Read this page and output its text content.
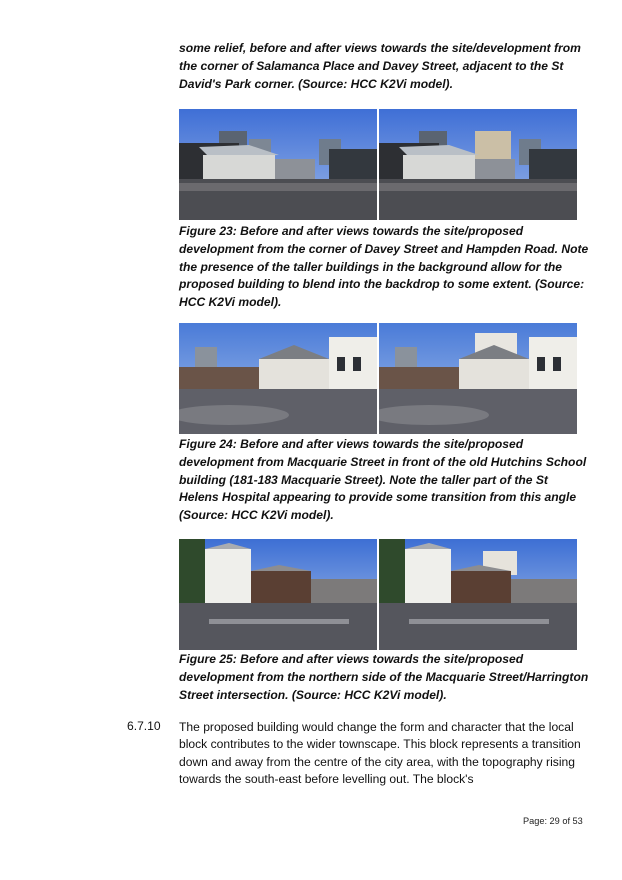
some relief, before and after views towards the site/development from the corner of Salamanca Place and Davey Street, adjacent to the St David's Park corner. (Source: HCC K2Vi model).

Figure 23: Before and after views towards the site/proposed development from the corner of Davey Street and Hampden Road. Note the presence of the taller buildings in the background allow for the proposed building to blend into the backdrop to some extent. (Source: HCC K2Vi model).

Figure 24: Before and after views towards the site/proposed development from Macquarie Street in front of the old Hutchins School building (181-183 Macquarie Street). Note the taller part of the St Helens Hospital appearing to provide some transition from this angle (Source: HCC K2Vi model).

Figure 25: Before and after views towards the site/proposed development from the northern side of the Macquarie Street/Harrington Street intersection. (Source: HCC K2Vi model).

6.7.10 The proposed building would change the form and character that the local block contributes to the wider townscape. This block represents a transition down and away from the centre of the city area, with the topography rising towards the south-east before levelling out. The block's

Page: 29 of 53
